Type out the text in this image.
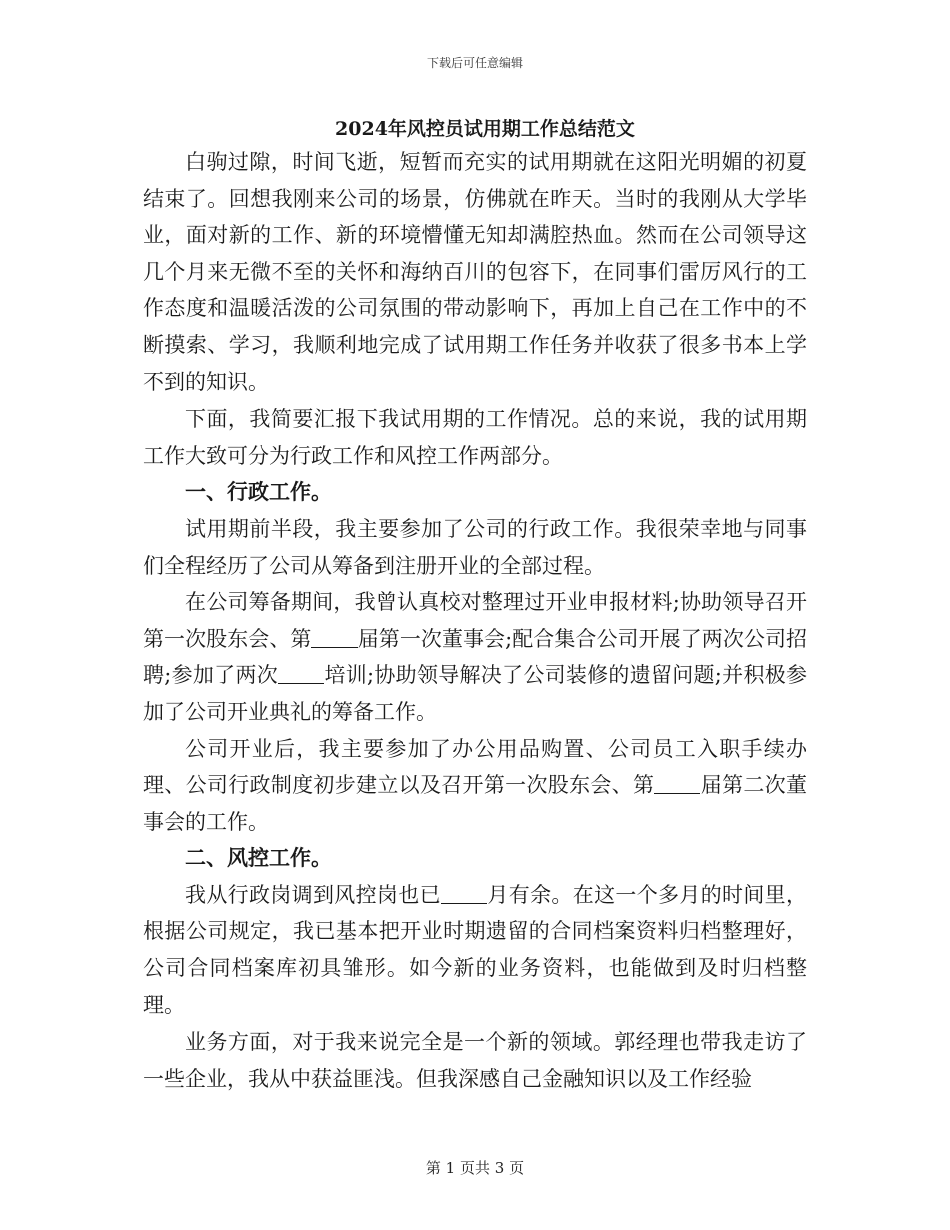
下载后可任意编辑
2024年风控员试用期工作总结范文

白驹过隙，时间飞逝，短暂而充实的试用期就在这阳光明媚的初夏结束了。回想我刚来公司的场景，仿佛就在昨天。当时的我刚从大学毕业，面对新的工作、新的环境懵懂无知却满腔热血。然而在公司领导这几个月来无微不至的关怀和海纳百川的包容下，在同事们雷厉风行的工作态度和温暖活泼的公司氛围的带动影响下，再加上自己在工作中的不断摸索、学习，我顺利地完成了试用期工作任务并收获了很多书本上学不到的知识。

下面，我简要汇报下我试用期的工作情况。总的来说，我的试用期工作大致可分为行政工作和风控工作两部分。

一、行政工作。

试用期前半段，我主要参加了公司的行政工作。我很荣幸地与同事们全程经历了公司从筹备到注册开业的全部过程。

在公司筹备期间，我曾认真校对整理过开业申报材料;协助领导召开第一次股东会、第 届第一次董事会;配合集合公司开展了两次公司招聘;参加了两次 培训;协助领导解决了公司装修的遗留问题;并积极参加了公司开业典礼的筹备工作。

公司开业后，我主要参加了办公用品购置、公司员工入职手续办理、公司行政制度初步建立以及召开第一次股东会、第 届第二次董事会的工作。

二、风控工作。

我从行政岗调到风控岗也已 月有余。在这一个多月的时间里，根据公司规定，我已基本把开业时期遗留的合同档案资料归档整理好，公司合同档案库初具雏形。如今新的业务资料，也能做到及时归档整理。

业务方面，对于我来说完全是一个新的领域。郭经理也带我走访了一些企业，我从中获益匪浅。但我深感自己金融知识以及工作经验

第 1 页共 3 页
